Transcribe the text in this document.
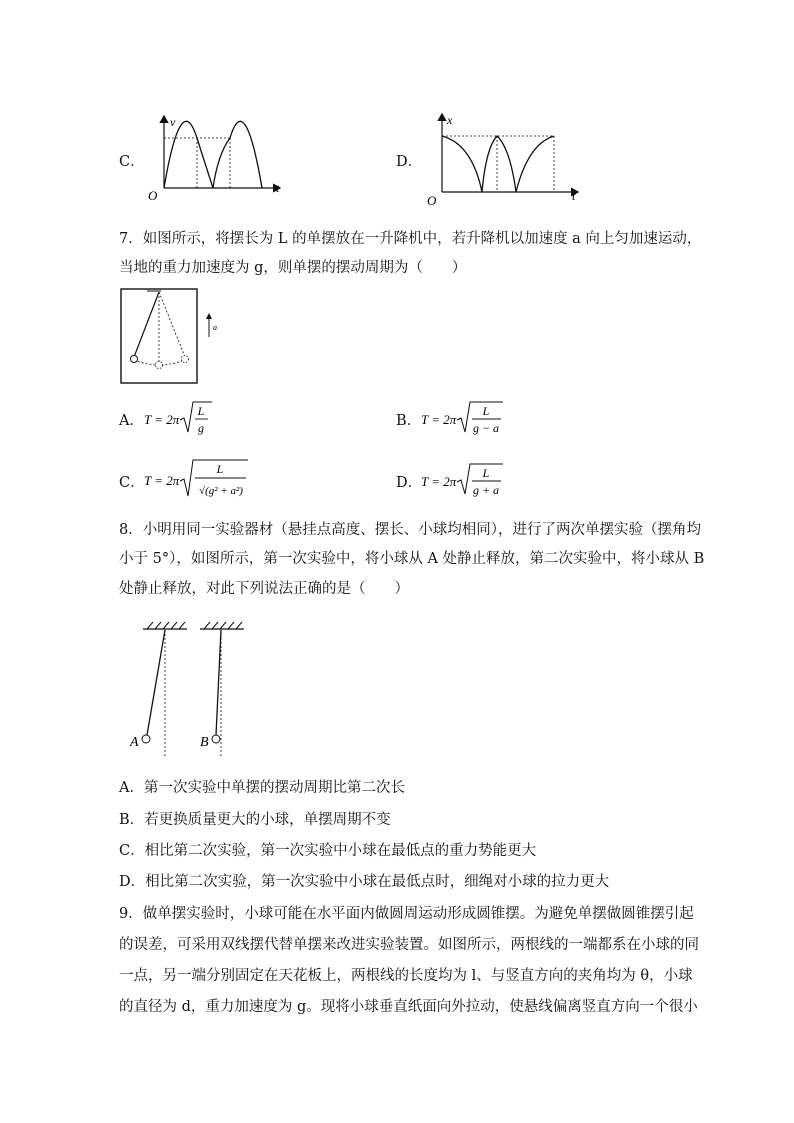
C．
v
t
O
D．
x
t
O
7．如图所示，将摆长为 L 的单摆放在一升降机中，若升降机以加速度 a 向上匀加速运动，
当地的重力加速度为 g，则单摆的摆动周期为（　　）
a
A． T = 2π
L
g	B． T = 2π
L
g − a
C． T = 2π
L
√(g² + a²)	D．
T = 2π
L
g + a
8．小明用同一实验器材（悬挂点高度、摆长、小球均相同），进行了两次单摆实验（摆角均
小于 5°），如图所示，第一次实验中，将小球从 A 处静止释放，第二次实验中，将小球从 B
处静止释放，对此下列说法正确的是（　　）
A	B
A．第一次实验中单摆的摆动周期比第二次长
B．若更换质量更大的小球，单摆周期不变
C．相比第二次实验，第一次实验中小球在最低点的重力势能更大
D．相比第二次实验，第一次实验中小球在最低点时，细绳对小球的拉力更大
9．做单摆实验时，小球可能在水平面内做圆周运动形成圆锥摆。为避免单摆做圆锥摆引起
的误差，可采用双线摆代替单摆来改进实验装置。如图所示，两根线的一端都系在小球的同
一点，另一端分别固定在天花板上，两根线的长度均为 l、与竖直方向的夹角均为 θ，小球
的直径为 d，重力加速度为 g。现将小球垂直纸面向外拉动，使悬线偏离竖直方向一个很小
